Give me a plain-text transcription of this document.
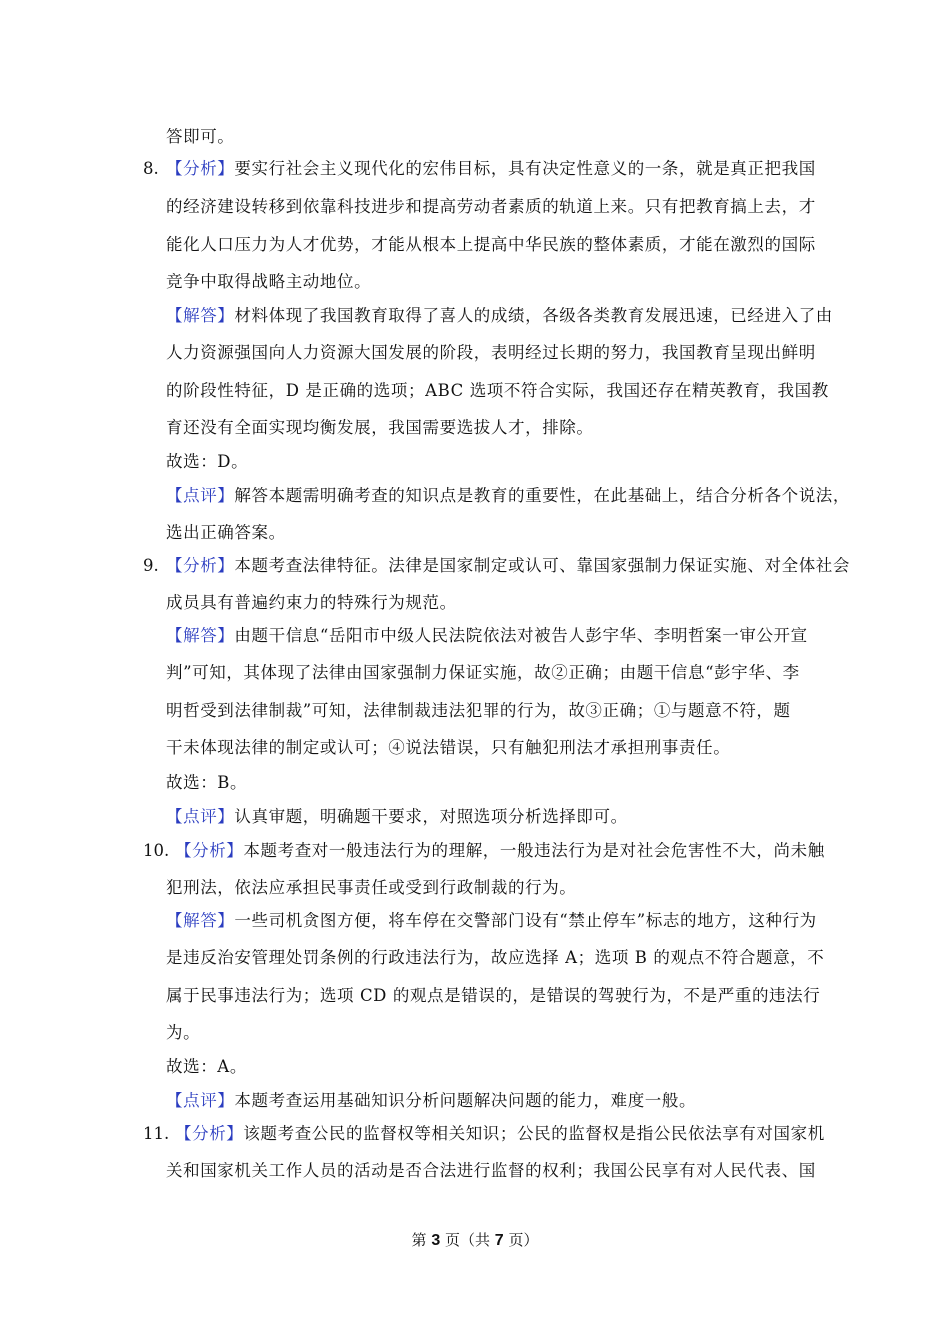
答即可。
8. 【分析】要实行社会主义现代化的宏伟目标，具有决定性意义的一条，就是真正把我国
的经济建设转移到依靠科技进步和提高劳动者素质的轨道上来。只有把教育搞上去，才
能化人口压力为人才优势，才能从根本上提高中华民族的整体素质，才能在激烈的国际
竞争中取得战略主动地位。
【解答】材料体现了我国教育取得了喜人的成绩，各级各类教育发展迅速，已经进入了由
人力资源强国向人力资源大国发展的阶段，表明经过长期的努力，我国教育呈现出鲜明
的阶段性特征，D 是正确的选项；ABC 选项不符合实际，我国还存在精英教育，我国教
育还没有全面实现均衡发展，我国需要选拔人才，排除。
故选：D。
【点评】解答本题需明确考查的知识点是教育的重要性，在此基础上，结合分析各个说法，
选出正确答案。
9. 【分析】本题考查法律特征。法律是国家制定或认可、靠国家强制力保证实施、对全体社会
成员具有普遍约束力的特殊行为规范。
【解答】由题干信息“岳阳市中级人民法院依法对被告人彭宇华、李明哲案一审公开宣
判”可知，其体现了法律由国家强制力保证实施，故②正确；由题干信息“彭宇华、李
明哲受到法律制裁”可知，法律制裁违法犯罪的行为，故③正确；①与题意不符，题
干未体现法律的制定或认可；④说法错误，只有触犯刑法才承担刑事责任。
故选：B。
【点评】认真审题，明确题干要求，对照选项分析选择即可。
10. 【分析】本题考查对一般违法行为的理解，一般违法行为是对社会危害性不大，尚未触
犯刑法，依法应承担民事责任或受到行政制裁的行为。
【解答】一些司机贪图方便，将车停在交警部门设有“禁止停车”标志的地方，这种行为
是违反治安管理处罚条例的行政违法行为，故应选择 A；选项 B 的观点不符合题意，不
属于民事违法行为；选项 CD 的观点是错误的，是错误的驾驶行为，不是严重的违法行
为。
故选：A。
【点评】本题考查运用基础知识分析问题解决问题的能力，难度一般。
11. 【分析】该题考查公民的监督权等相关知识；公民的监督权是指公民依法享有对国家机
关和国家机关工作人员的活动是否合法进行监督的权利；我国公民享有对人民代表、国
第 3 页（共 7 页）
